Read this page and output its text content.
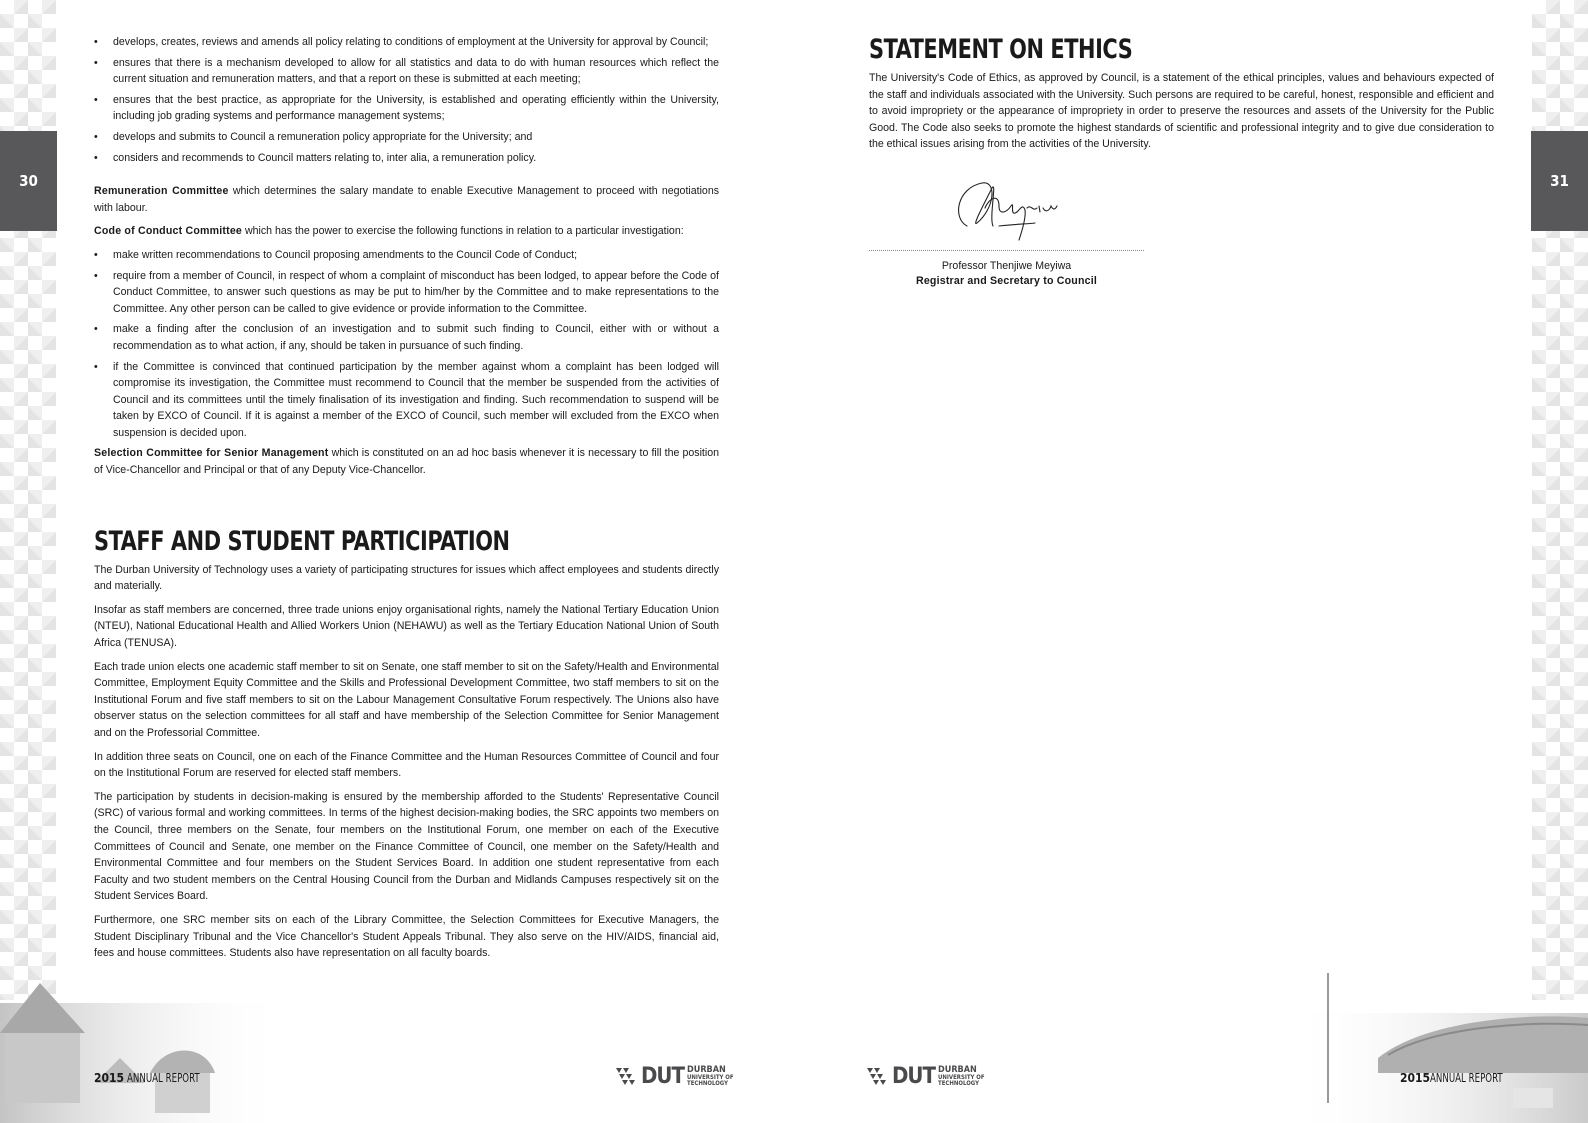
30	31
• develops, creates, reviews and amends all policy relating to conditions of employment at the University for approval by Council;
• ensures that there is a mechanism developed to allow for all statistics and data to do with human resources which reflect the current situation and remuneration matters, and that a report on these is submitted at each meeting;
• ensures that the best practice, as appropriate for the University, is established and operating efficiently within the University, including job grading systems and performance management systems;
• develops and submits to Council a remuneration policy appropriate for the University; and
• considers and recommends to Council matters relating to, inter alia, a remuneration policy.

Remuneration Committee which determines the salary mandate to enable Executive Management to proceed with negotiations with labour.

Code of Conduct Committee which has the power to exercise the following functions in relation to a particular investigation:

• make written recommendations to Council proposing amendments to the Council Code of Conduct;
• require from a member of Council, in respect of whom a complaint of misconduct has been lodged, to appear before the Code of Conduct Committee, to answer such questions as may be put to him/her by the Committee and to make representations to the Committee. Any other person can be called to give evidence or provide information to the Committee.
• make a finding after the conclusion of an investigation and to submit such finding to Council, either with or without a recommendation as to what action, if any, should be taken in pursuance of such finding.
• if the Committee is convinced that continued participation by the member against whom a complaint has been lodged will compromise its investigation, the Committee must recommend to Council that the member be suspended from the activities of Council and its committees until the timely finalisation of its investigation and finding. Such recommendation to suspend will be taken by EXCO of Council. If it is against a member of the EXCO of Council, such member will excluded from the EXCO when suspension is decided upon.

Selection Committee for Senior Management which is constituted on an ad hoc basis whenever it is necessary to fill the position of Vice-Chancellor and Principal or that of any Deputy Vice-Chancellor.

STAFF AND STUDENT PARTICIPATION

The Durban University of Technology uses a variety of participating structures for issues which affect employees and students directly and materially.

Insofar as staff members are concerned, three trade unions enjoy organisational rights, namely the National Tertiary Education Union (NTEU), National Educational Health and Allied Workers Union (NEHAWU) as well as the Tertiary Education National Union of South Africa (TENUSA).

Each trade union elects one academic staff member to sit on Senate, one staff member to sit on the Safety/Health and Environmental Committee, Employment Equity Committee and the Skills and Professional Development Committee, two staff members to sit on the Institutional Forum and five staff members to sit on the Labour Management Consultative Forum respectively. The Unions also have observer status on the selection committees for all staff and have membership of the Selection Committee for Senior Management and on the Professorial Committee.

In addition three seats on Council, one on each of the Finance Committee and the Human Resources Committee of Council and four on the Institutional Forum are reserved for elected staff members.

The participation by students in decision-making is ensured by the membership afforded to the Students' Representative Council (SRC) of various formal and working committees. In terms of the highest decision-making bodies, the SRC appoints two members on the Council, three members on the Senate, four members on the Institutional Forum, one member on each of the Executive Committees of Council and Senate, one member on the Finance Committee of Council, one member on the Safety/Health and Environmental Committee and four members on the Student Services Board. In addition one student representative from each Faculty and two student members on the Central Housing Council from the Durban and Midlands Campuses respectively sit on the Student Services Board.

Furthermore, one SRC member sits on each of the Library Committee, the Selection Committees for Executive Managers, the Student Disciplinary Tribunal and the Vice Chancellor's Student Appeals Tribunal. They also serve on the HIV/AIDS, financial aid, fees and house committees. Students also have representation on all faculty boards.

STATEMENT ON ETHICS

The University's Code of Ethics, as approved by Council, is a statement of the ethical principles, values and behaviours expected of the staff and individuals associated with the University. Such persons are required to be careful, honest, responsible and efficient and to avoid impropriety or the appearance of impropriety in order to preserve the resources and assets of the University for the Public Good. The Code also seeks to promote the highest standards of scientific and professional integrity and to give due consideration to the ethical issues arising from the activities of the University.

Professor Thenjiwe Meyiwa
Registrar and Secretary to Council
2015 ANNUAL REPORT	2015ANNUAL REPORT
DUT DURBAN
UNIVERSITY OF
TECHNOLOGY	DUT DURBAN
UNIVERSITY OF
TECHNOLOGY
